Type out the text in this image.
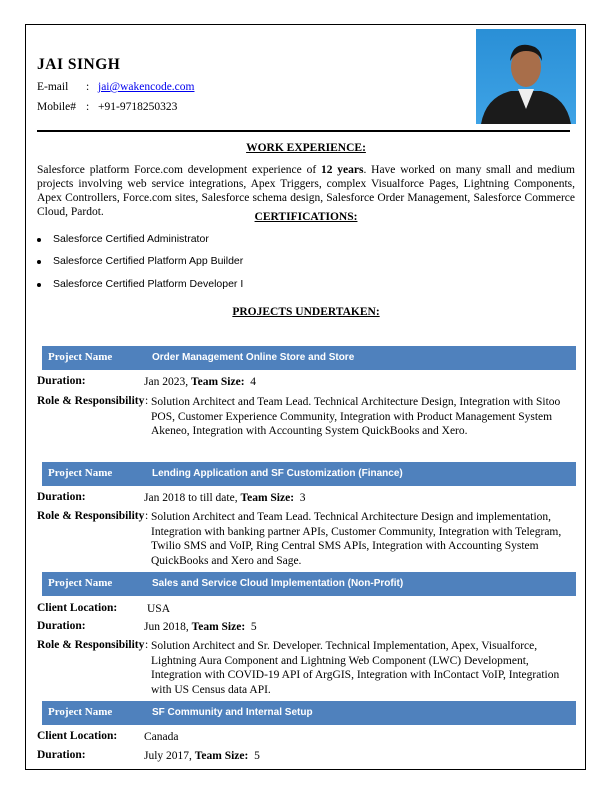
JAI SINGH
E-mail : jai@wakencode.com
Mobile# : +91-9718250323
WORK EXPERIENCE:
Salesforce platform Force.com development experience of 12 years. Have worked on many small and medium projects involving web service integrations, Apex Triggers, complex Visualforce Pages, Lightning Components, Apex Controllers, Force.com sites, Salesforce schema design, Salesforce Order Management, Salesforce Commerce Cloud, Pardot.	CERTIFICATIONS:
Salesforce Certified Administrator
Salesforce Certified Platform App Builder
Salesforce Certified Platform Developer I
PROJECTS UNDERTAKEN:
Project Name	Order Management Online Store and Store
Duration:	Jan 2023, Team Size: 4
Role & Responsibility : Solution Architect and Team Lead. Technical Architecture Design, Integration with Sitoo POS, Customer Experience Community, Integration with Product Management System Akeneo, Integration with Accounting System QuickBooks and Xero.
Project Name	Lending Application and SF Customization (Finance)
Duration:	Jan 2018 to till date, Team Size: 3
Role & Responsibility : Solution Architect and Team Lead. Technical Architecture Design and implementation, Integration with banking partner APIs, Customer Community, Integration with Telegram, Twilio SMS and VoIP, Ring Central SMS APIs, Integration with Accounting System QuickBooks and Xero and Sage.
Project Name	Sales and Service Cloud Implementation (Non-Profit)
Client Location:	USA
Duration:	Jun 2018, Team Size: 5
Role & Responsibility : Solution Architect and Sr. Developer. Technical Implementation, Apex, Visualforce, Lightning Aura Component and Lightning Web Component (LWC) Development, Integration with COVID-19 API of ArgGIS, Integration with InContact VoIP, Integration with US Census data API.
Project Name	SF Community and Internal Setup
Client Location: Canada
Duration:	July 2017, Team Size: 5
